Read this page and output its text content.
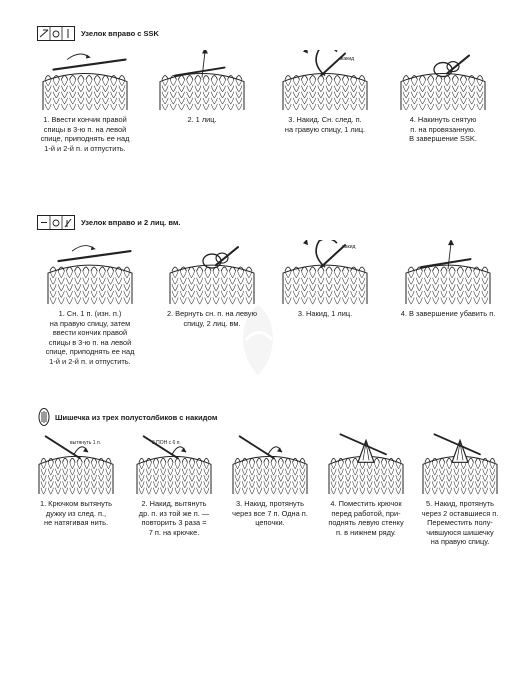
Узелок вправо с SSK
1. Ввести кончик правой
спицы в 3-ю п. на левой
спице, приподнять ее над
1-й и 2-й п. и отпустить.
2. 1 лиц.
жакид
3. Накид. Сн. след. п.
на гравую спицу, 1 лиц.
4. Накинуть снятую
п. на провязанную.
В завершение SSK.
Узелок вправо и 2 лиц. вм.
1. Сн. 1 п. (изн. п.)
на правую спицу, затем
ввести кончик правой
спицы в 3-ю п. на левой
спице, приподнять ее над
1-й и 2-й п. и отпустить.
2. Вернуть сн. п. на левую
спицу, 2 лиц. вм.
накид
3. Накид, 1 лиц.	4. В завершение убавить п.
Шишечка из трех полустолбиков с накидом
вытянуть 1 п.
1. Крючком вытянуть
дужку из след. п.,
не натягивая нить.
3 ПОН с 6 п.
2. Накид, вытянуть
др. п. из той же п. —
повторить 3 раза =
7 п. на крючке.
3. Накид, протянуть
через все 7 п. Одна п.
цепочки.
4. Поместить крючок
перед работой, при-
поднять левую стенку
п. в нижнем ряду.
5. Накид, протянуть
через 2 оставшиеся п.
Переместить полу-
чившуюся шишечку
на правую спицу.
